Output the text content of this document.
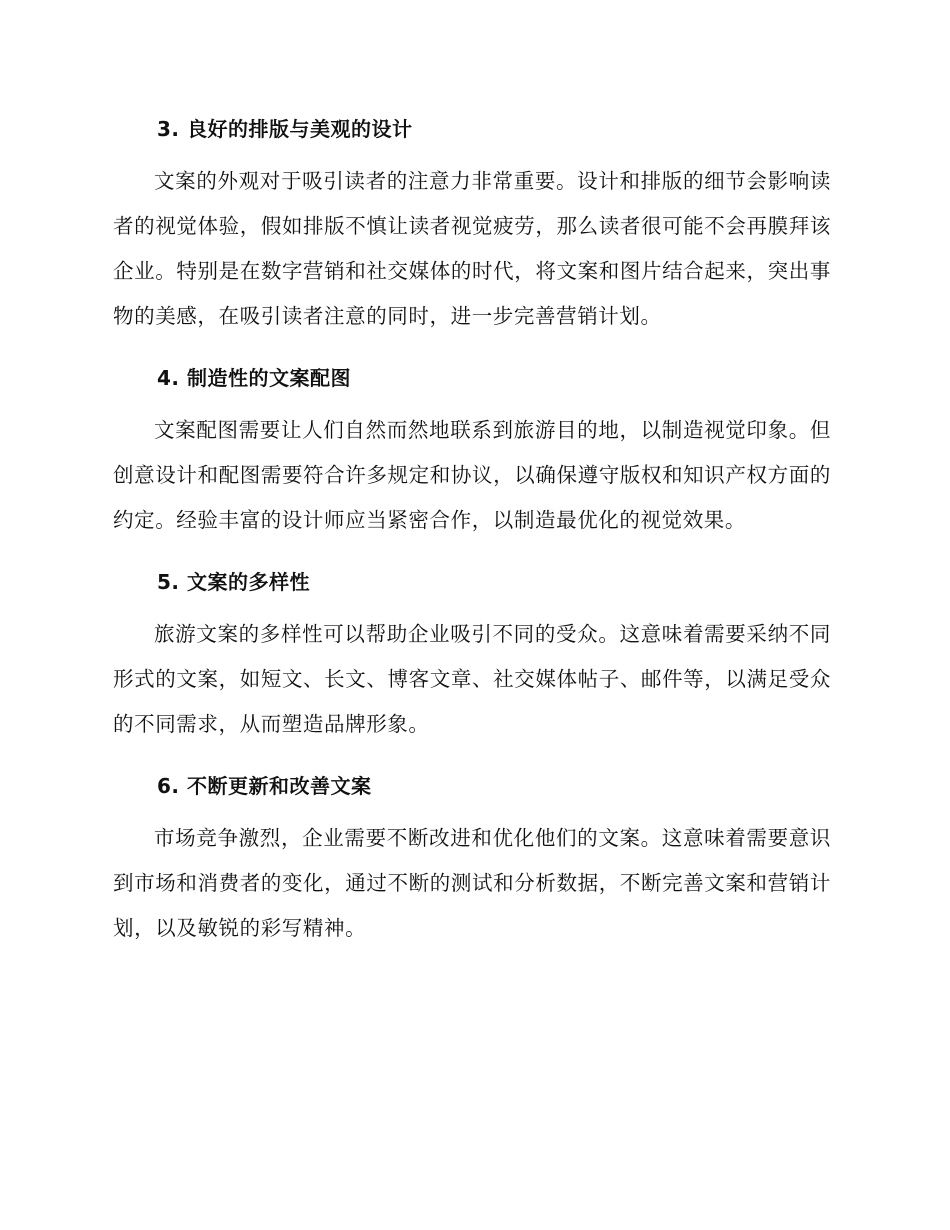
3. 良好的排版与美观的设计

文案的外观对于吸引读者的注意力非常重要。设计和排版的细节会影响读者的视觉体验，假如排版不慎让读者视觉疲劳，那么读者很可能不会再膜拜该企业。特别是在数字营销和社交媒体的时代，将文案和图片结合起来，突出事物的美感，在吸引读者注意的同时，进一步完善营销计划。

4. 制造性的文案配图

文案配图需要让人们自然而然地联系到旅游目的地，以制造视觉印象。但创意设计和配图需要符合许多规定和协议，以确保遵守版权和知识产权方面的约定。经验丰富的设计师应当紧密合作，以制造最优化的视觉效果。

5. 文案的多样性

旅游文案的多样性可以帮助企业吸引不同的受众。这意味着需要采纳不同形式的文案，如短文、长文、博客文章、社交媒体帖子、邮件等，以满足受众的不同需求，从而塑造品牌形象。

6. 不断更新和改善文案

市场竞争激烈，企业需要不断改进和优化他们的文案。这意味着需要意识到市场和消费者的变化，通过不断的测试和分析数据，不断完善文案和营销计划，以及敏锐的彩写精神。
